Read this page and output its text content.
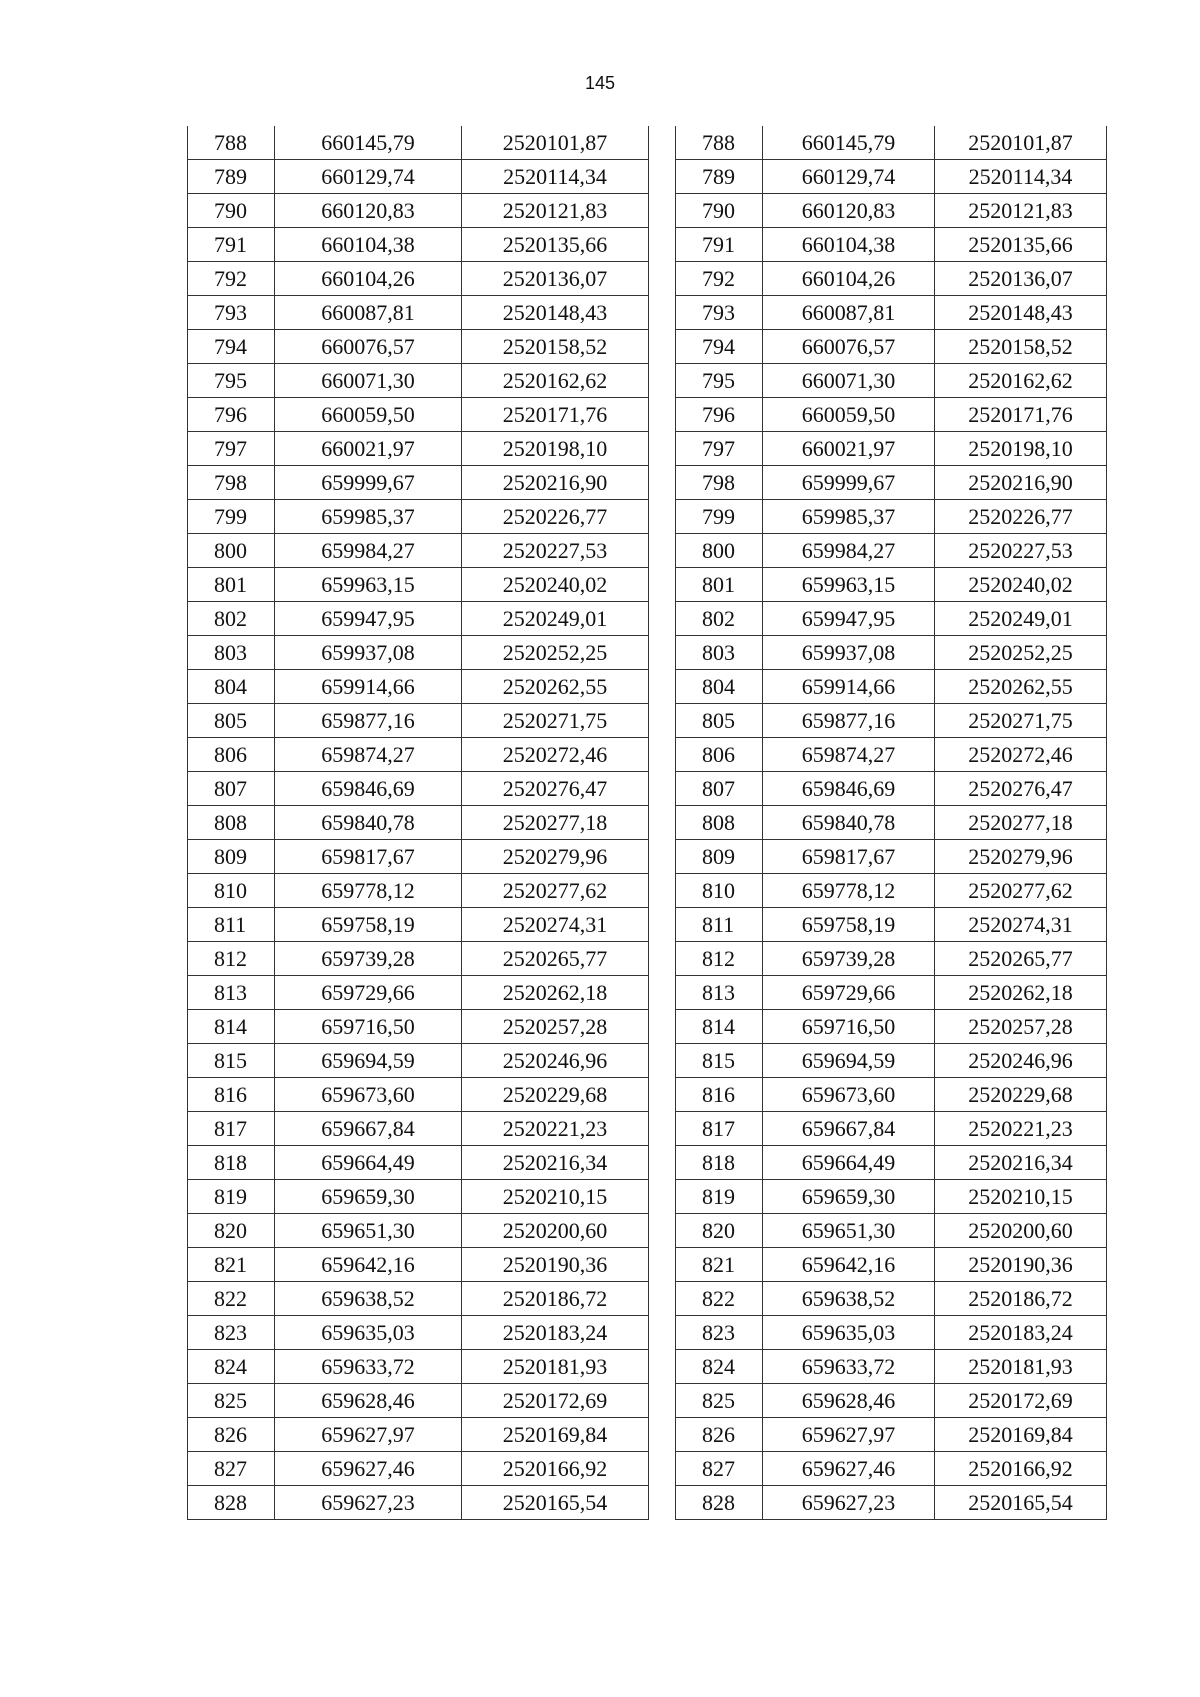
145
788	660145,79	2520101,87
789	660129,74	2520114,34
790	660120,83	2520121,83
791	660104,38	2520135,66
792	660104,26	2520136,07
793	660087,81	2520148,43
794	660076,57	2520158,52
795	660071,30	2520162,62
796	660059,50	2520171,76
797	660021,97	2520198,10
798	659999,67	2520216,90
799	659985,37	2520226,77
800	659984,27	2520227,53
801	659963,15	2520240,02
802	659947,95	2520249,01
803	659937,08	2520252,25
804	659914,66	2520262,55
805	659877,16	2520271,75
806	659874,27	2520272,46
807	659846,69	2520276,47
808	659840,78	2520277,18
809	659817,67	2520279,96
810	659778,12	2520277,62
811	659758,19	2520274,31
812	659739,28	2520265,77
813	659729,66	2520262,18
814	659716,50	2520257,28
815	659694,59	2520246,96
816	659673,60	2520229,68
817	659667,84	2520221,23
818	659664,49	2520216,34
819	659659,30	2520210,15
820	659651,30	2520200,60
821	659642,16	2520190,36
822	659638,52	2520186,72
823	659635,03	2520183,24
824	659633,72	2520181,93
825	659628,46	2520172,69
826	659627,97	2520169,84
827	659627,46	2520166,92
828	659627,23	2520165,54
788	660145,79	2520101,87
789	660129,74	2520114,34
790	660120,83	2520121,83
791	660104,38	2520135,66
792	660104,26	2520136,07
793	660087,81	2520148,43
794	660076,57	2520158,52
795	660071,30	2520162,62
796	660059,50	2520171,76
797	660021,97	2520198,10
798	659999,67	2520216,90
799	659985,37	2520226,77
800	659984,27	2520227,53
801	659963,15	2520240,02
802	659947,95	2520249,01
803	659937,08	2520252,25
804	659914,66	2520262,55
805	659877,16	2520271,75
806	659874,27	2520272,46
807	659846,69	2520276,47
808	659840,78	2520277,18
809	659817,67	2520279,96
810	659778,12	2520277,62
811	659758,19	2520274,31
812	659739,28	2520265,77
813	659729,66	2520262,18
814	659716,50	2520257,28
815	659694,59	2520246,96
816	659673,60	2520229,68
817	659667,84	2520221,23
818	659664,49	2520216,34
819	659659,30	2520210,15
820	659651,30	2520200,60
821	659642,16	2520190,36
822	659638,52	2520186,72
823	659635,03	2520183,24
824	659633,72	2520181,93
825	659628,46	2520172,69
826	659627,97	2520169,84
827	659627,46	2520166,92
828	659627,23	2520165,54
